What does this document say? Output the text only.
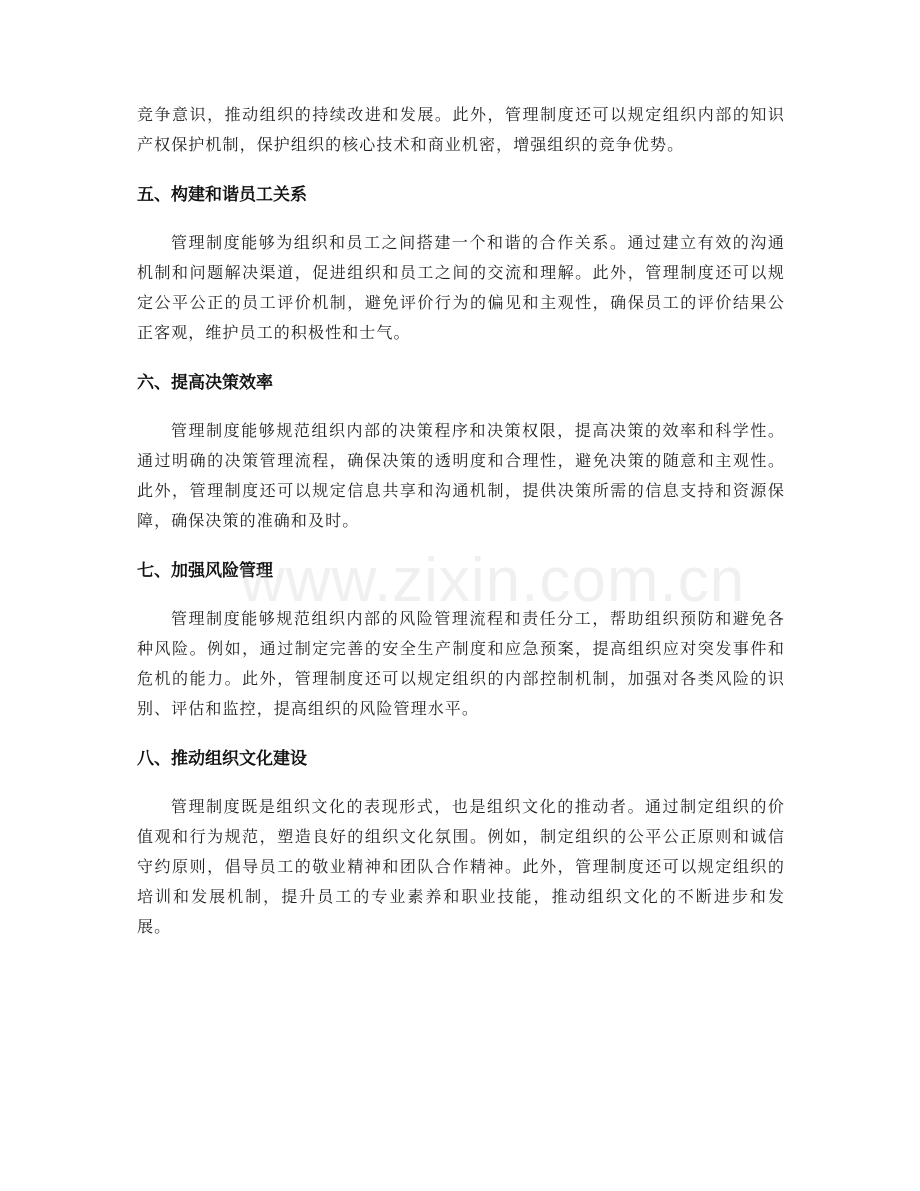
竞争意识，推动组织的持续改进和发展。此外，管理制度还可以规定组织内部的知识产权保护机制，保护组织的核心技术和商业机密，增强组织的竞争优势。

五、构建和谐员工关系

管理制度能够为组织和员工之间搭建一个和谐的合作关系。通过建立有效的沟通机制和问题解决渠道，促进组织和员工之间的交流和理解。此外，管理制度还可以规定公平公正的员工评价机制，避免评价行为的偏见和主观性，确保员工的评价结果公正客观，维护员工的积极性和士气。

六、提高决策效率

管理制度能够规范组织内部的决策程序和决策权限，提高决策的效率和科学性。通过明确的决策管理流程，确保决策的透明度和合理性，避免决策的随意和主观性。此外，管理制度还可以规定信息共享和沟通机制，提供决策所需的信息支持和资源保障，确保决策的准确和及时。

七、加强风险管理

管理制度能够规范组织内部的风险管理流程和责任分工，帮助组织预防和避免各种风险。例如，通过制定完善的安全生产制度和应急预案，提高组织应对突发事件和危机的能力。此外，管理制度还可以规定组织的内部控制机制，加强对各类风险的识别、评估和监控，提高组织的风险管理水平。

八、推动组织文化建设

管理制度既是组织文化的表现形式，也是组织文化的推动者。通过制定组织的价值观和行为规范，塑造良好的组织文化氛围。例如，制定组织的公平公正原则和诚信守约原则，倡导员工的敬业精神和团队合作精神。此外，管理制度还可以规定组织的培训和发展机制，提升员工的专业素养和职业技能，推动组织文化的不断进步和发展。

www.zixin.com.cn
